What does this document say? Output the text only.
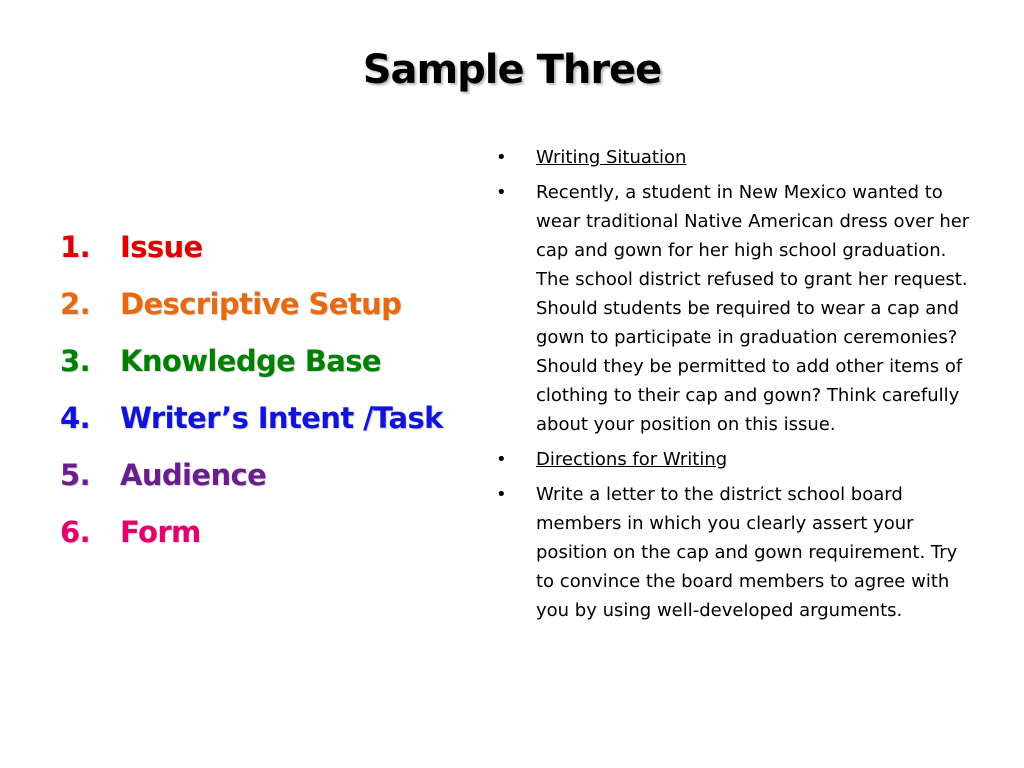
Sample Three
1.	Issue
2.	Descriptive Setup
3.	Knowledge Base
4.	Writer’s Intent /Task
5.	Audience
6.	Form
•	Writing Situation
•	Recently, a student in New Mexico wanted to wear traditional Native American dress over her cap and gown for her high school graduation. The school district refused to grant her request. Should students be required to wear a cap and gown to participate in graduation ceremonies? Should they be permitted to add other items of clothing to their cap and gown? Think carefully about your position on this issue.
•	Directions for Writing
•	Write a letter to the district school board members in which you clearly assert your position on the cap and gown requirement. Try to convince the board members to agree with you by using well-developed arguments.
